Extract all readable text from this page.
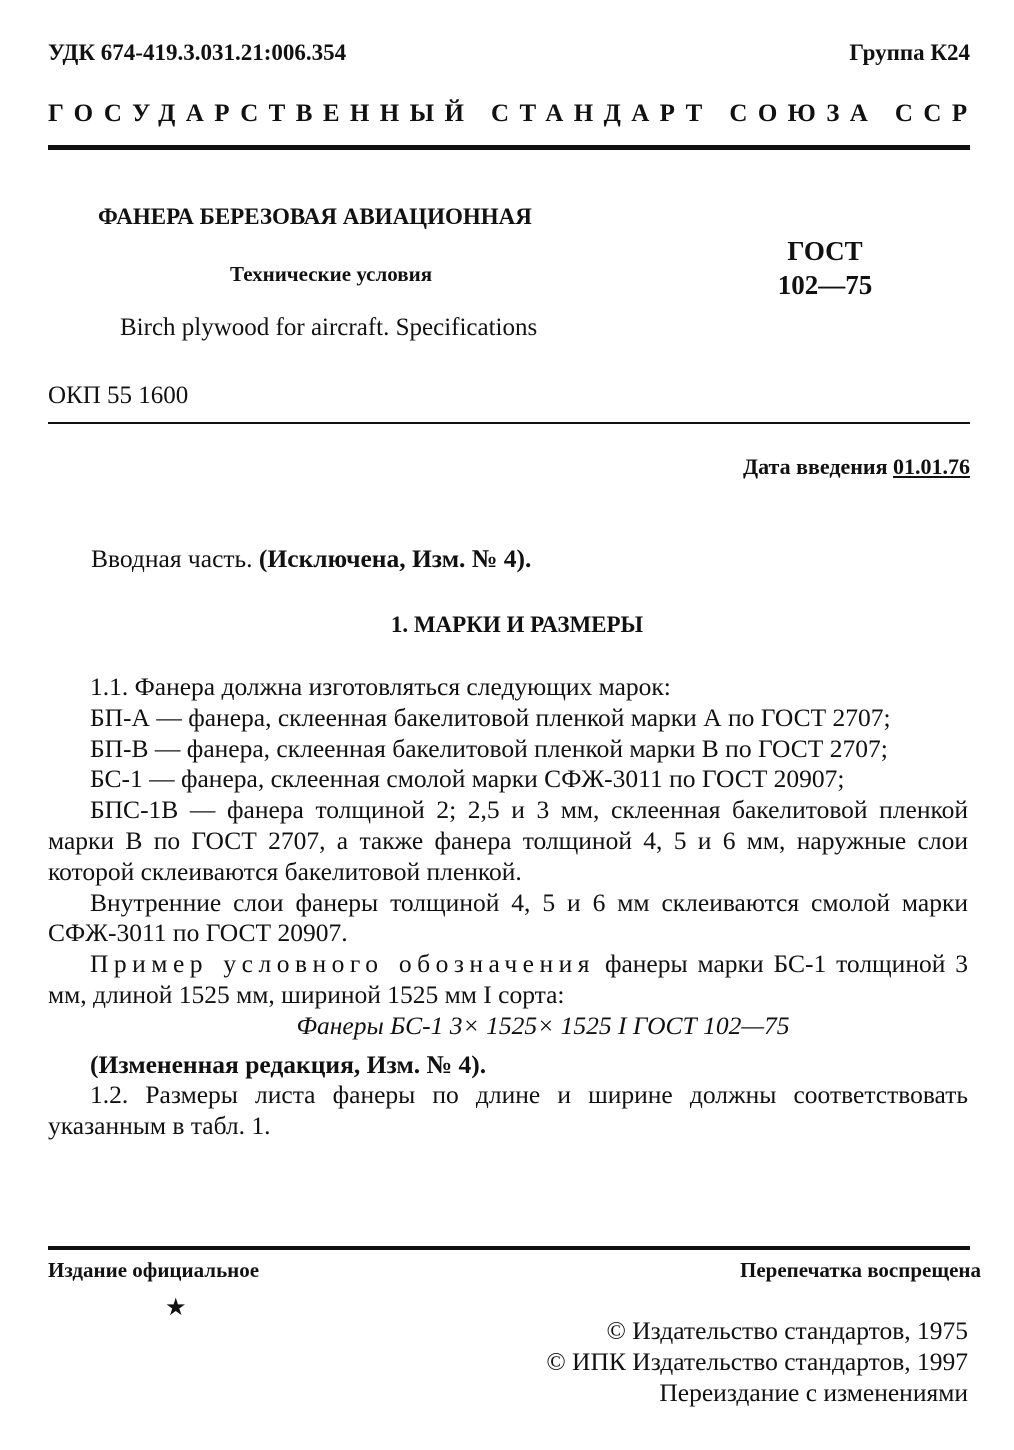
УДК 674-419.3.031.21:006.354	Группа К24
ГОСУДАРСТВЕННЫЙ СТАНДАРТ СОЮЗА ССР
ФАНЕРА БЕРЕЗОВАЯ АВИАЦИОННАЯ
Технические условия
Birch plywood for aircraft. Specifications
ГОСТ
102—75
ОКП 55 1600
Дата введения 01.01.76
Вводная часть. (Исключена, Изм. № 4).
1. МАРКИ И РАЗМЕРЫ

1.1. Фанера должна изготовляться следующих марок:

БП-А — фанера, склеенная бакелитовой пленкой марки А по ГОСТ 2707;

БП-В — фанера, склеенная бакелитовой пленкой марки В по ГОСТ 2707;

БС-1 — фанера, склеенная смолой марки СФЖ-3011 по ГОСТ 20907;

БПС-1В — фанера толщиной 2; 2,5 и 3 мм, склеенная бакелитовой пленкой марки В по ГОСТ 2707, а также фанера толщиной 4, 5 и 6 мм, наружные слои которой склеиваются бакелитовой пленкой.

Внутренние слои фанеры толщиной 4, 5 и 6 мм склеиваются смолой марки СФЖ-3011 по ГОСТ 20907.

Пример условного обозначения фанеры марки БС-1 толщиной 3 мм, длиной 1525 мм, шириной 1525 мм I сорта:

Фанеры БС-1 3× 1525× 1525 I ГОСТ 102—75

(Измененная редакция, Изм. № 4).

1.2. Размеры листа фанеры по длине и ширине должны соответствовать указанным в табл. 1.

Издание официальное	Перепечатка воспрещена
★
© Издательство стандартов, 1975
© ИПК Издательство стандартов, 1997
Переиздание с изменениями
